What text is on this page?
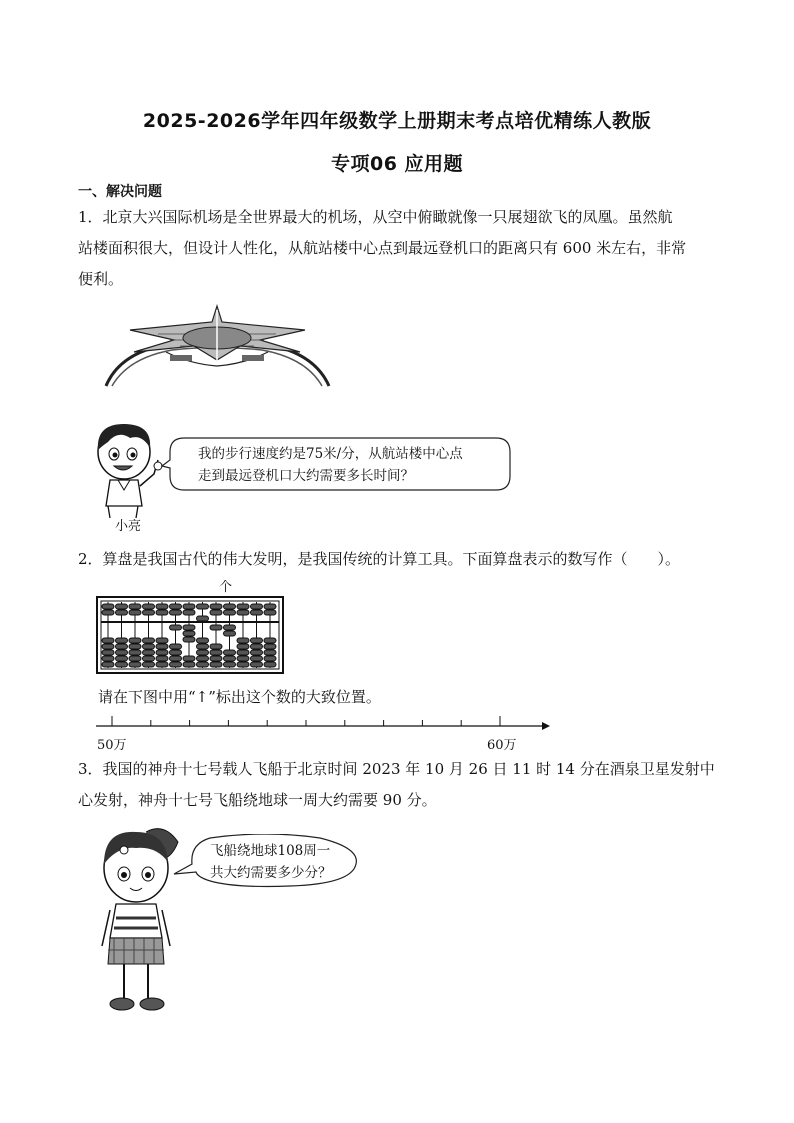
2025-2026学年四年级数学上册期末考点培优精练人教版
专项06 应用题
一、解决问题
1．北京大兴国际机场是全世界最大的机场，从空中俯瞰就像一只展翅欲飞的凤凰。虽然航
站楼面积很大，但设计人性化，从航站楼中心点到最远登机口的距离只有 600 米左右，非常
便利。
小亮
我的步行速度约是75米/分，从航站楼中心点
走到最远登机口大约需要多长时间？
2．算盘是我国古代的伟大发明，是我国传统的计算工具。下面算盘表示的数写作（　　）。
个
请在下图中用“↑”标出这个数的大致位置。
50万	60万
3．我国的神舟十七号载人飞船于北京时间 2023 年 10 月 26 日 11 时 14 分在酒泉卫星发射中
心发射，神舟十七号飞船绕地球一周大约需要 90 分。
飞船绕地球108周一
共大约需要多少分？
